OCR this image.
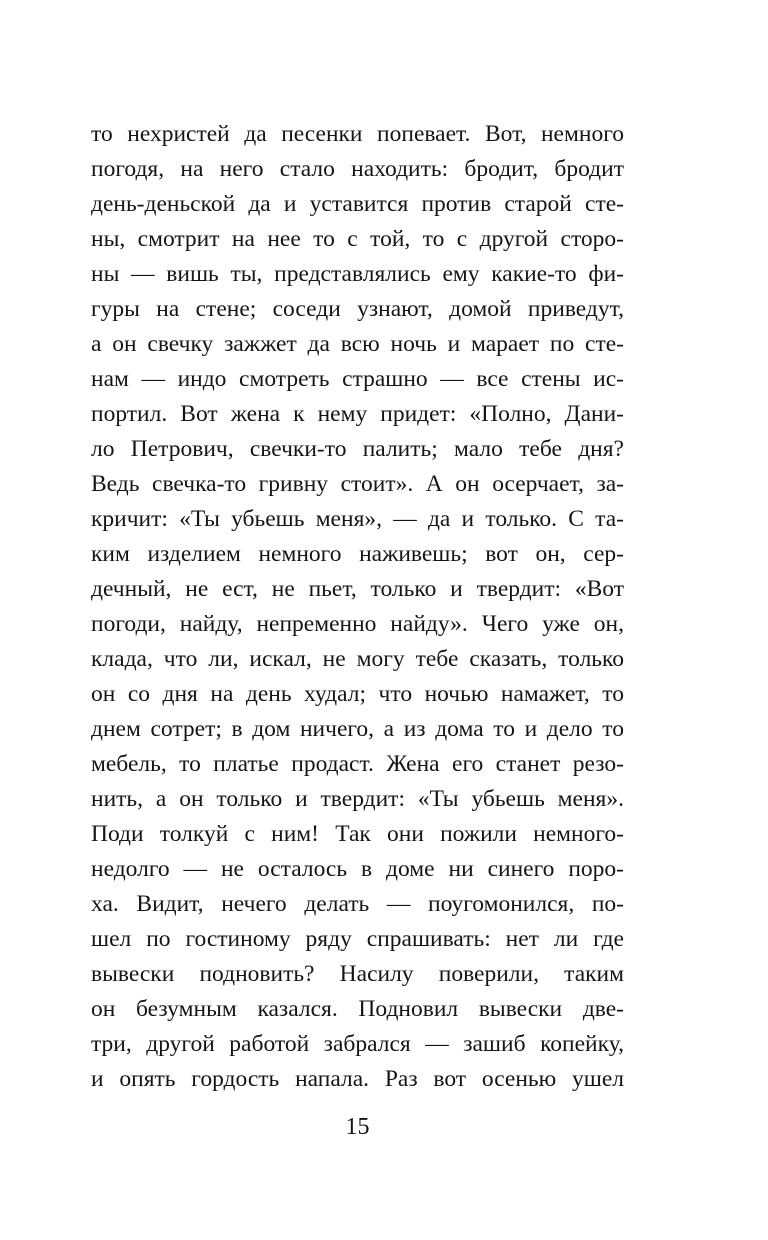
то нехристей да песенки попевает. Вот, немного
погодя, на него стало находить: бродит, бродит
день-деньской да и уставится против старой сте-
ны, смотрит на нее то с той, то с другой сторо-
ны — вишь ты, представлялись ему какие-то фи-
гуры на стене; соседи узнают, домой приведут,
а он свечку зажжет да всю ночь и марает по сте-
нам — индо смотреть страшно — все стены ис-
портил. Вот жена к нему придет: «Полно, Дани-
ло Петрович, свечки-то палить; мало тебе дня?
Ведь свечка-то гривну стоит». А он осерчает, за-
кричит: «Ты убьешь меня», — да и только. С та-
ким изделием немного наживешь; вот он, сер-
дечный, не ест, не пьет, только и твердит: «Вот
погоди, найду, непременно найду». Чего уже он,
клада, что ли, искал, не могу тебе сказать, только
он со дня на день худал; что ночью намажет, то
днем сотрет; в дом ничего, а из дома то и дело то
мебель, то платье продаст. Жена его станет резо-
нить, а он только и твердит: «Ты убьешь меня».
Поди толкуй с ним! Так они пожили немного-
недолго — не осталось в доме ни синего поро-
ха. Видит, нечего делать — поугомонился, по-
шел по гостиному ряду спрашивать: нет ли где
вывески подновить? Насилу поверили, таким
он безумным казался. Подновил вывески две-
три, другой работой забрался — зашиб копейку,
и опять гордость напала. Раз вот осенью ушел
15
